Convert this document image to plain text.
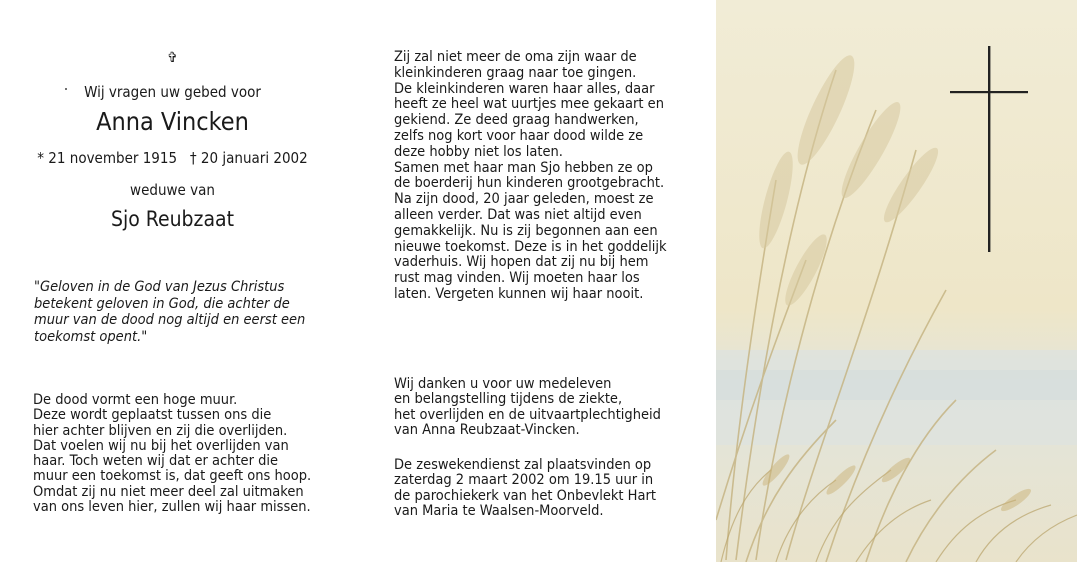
✞
Wij vragen uw gebed voor
Anna Vincken
* 21 november 1915   † 20 januari 2002
weduwe van
Sjo Reubzaat
"Geloven in de God van Jezus Christus
betekent geloven in God, die achter de
muur van de dood nog altijd en eerst een
toekomst opent."
De dood vormt een hoge muur.
Deze wordt geplaatst tussen ons die
hier achter blijven en zij die overlijden.
Dat voelen wij nu bij het overlijden van
haar. Toch weten wij dat er achter die
muur een toekomst is, dat geeft ons hoop.
Omdat zij nu niet meer deel zal uitmaken
van ons leven hier, zullen wij haar missen.
Zij zal niet meer de oma zijn waar de
kleinkinderen graag naar toe gingen.
De kleinkinderen waren haar alles, daar
heeft ze heel wat uurtjes mee gekaart en
gekiend. Ze deed graag handwerken,
zelfs nog kort voor haar dood wilde ze
deze hobby niet los laten.
Samen met haar man Sjo hebben ze op
de boerderij hun kinderen grootgebracht.
Na zijn dood, 20 jaar geleden, moest ze
alleen verder. Dat was niet altijd even
gemakkelijk. Nu is zij begonnen aan een
nieuwe toekomst. Deze is in het goddelijk
vaderhuis. Wij hopen dat zij nu bij hem
rust mag vinden. Wij moeten haar los
laten. Vergeten kunnen wij haar nooit.
Wij danken u voor uw medeleven
en belangstelling tijdens de ziekte,
het overlijden en de uitvaartplechtigheid
van Anna Reubzaat-Vincken.
De zeswekendienst zal plaatsvinden op
zaterdag 2 maart 2002 om 19.15 uur in
de parochiekerk van het Onbevlekt Hart
van Maria te Waalsen-Moorveld.
